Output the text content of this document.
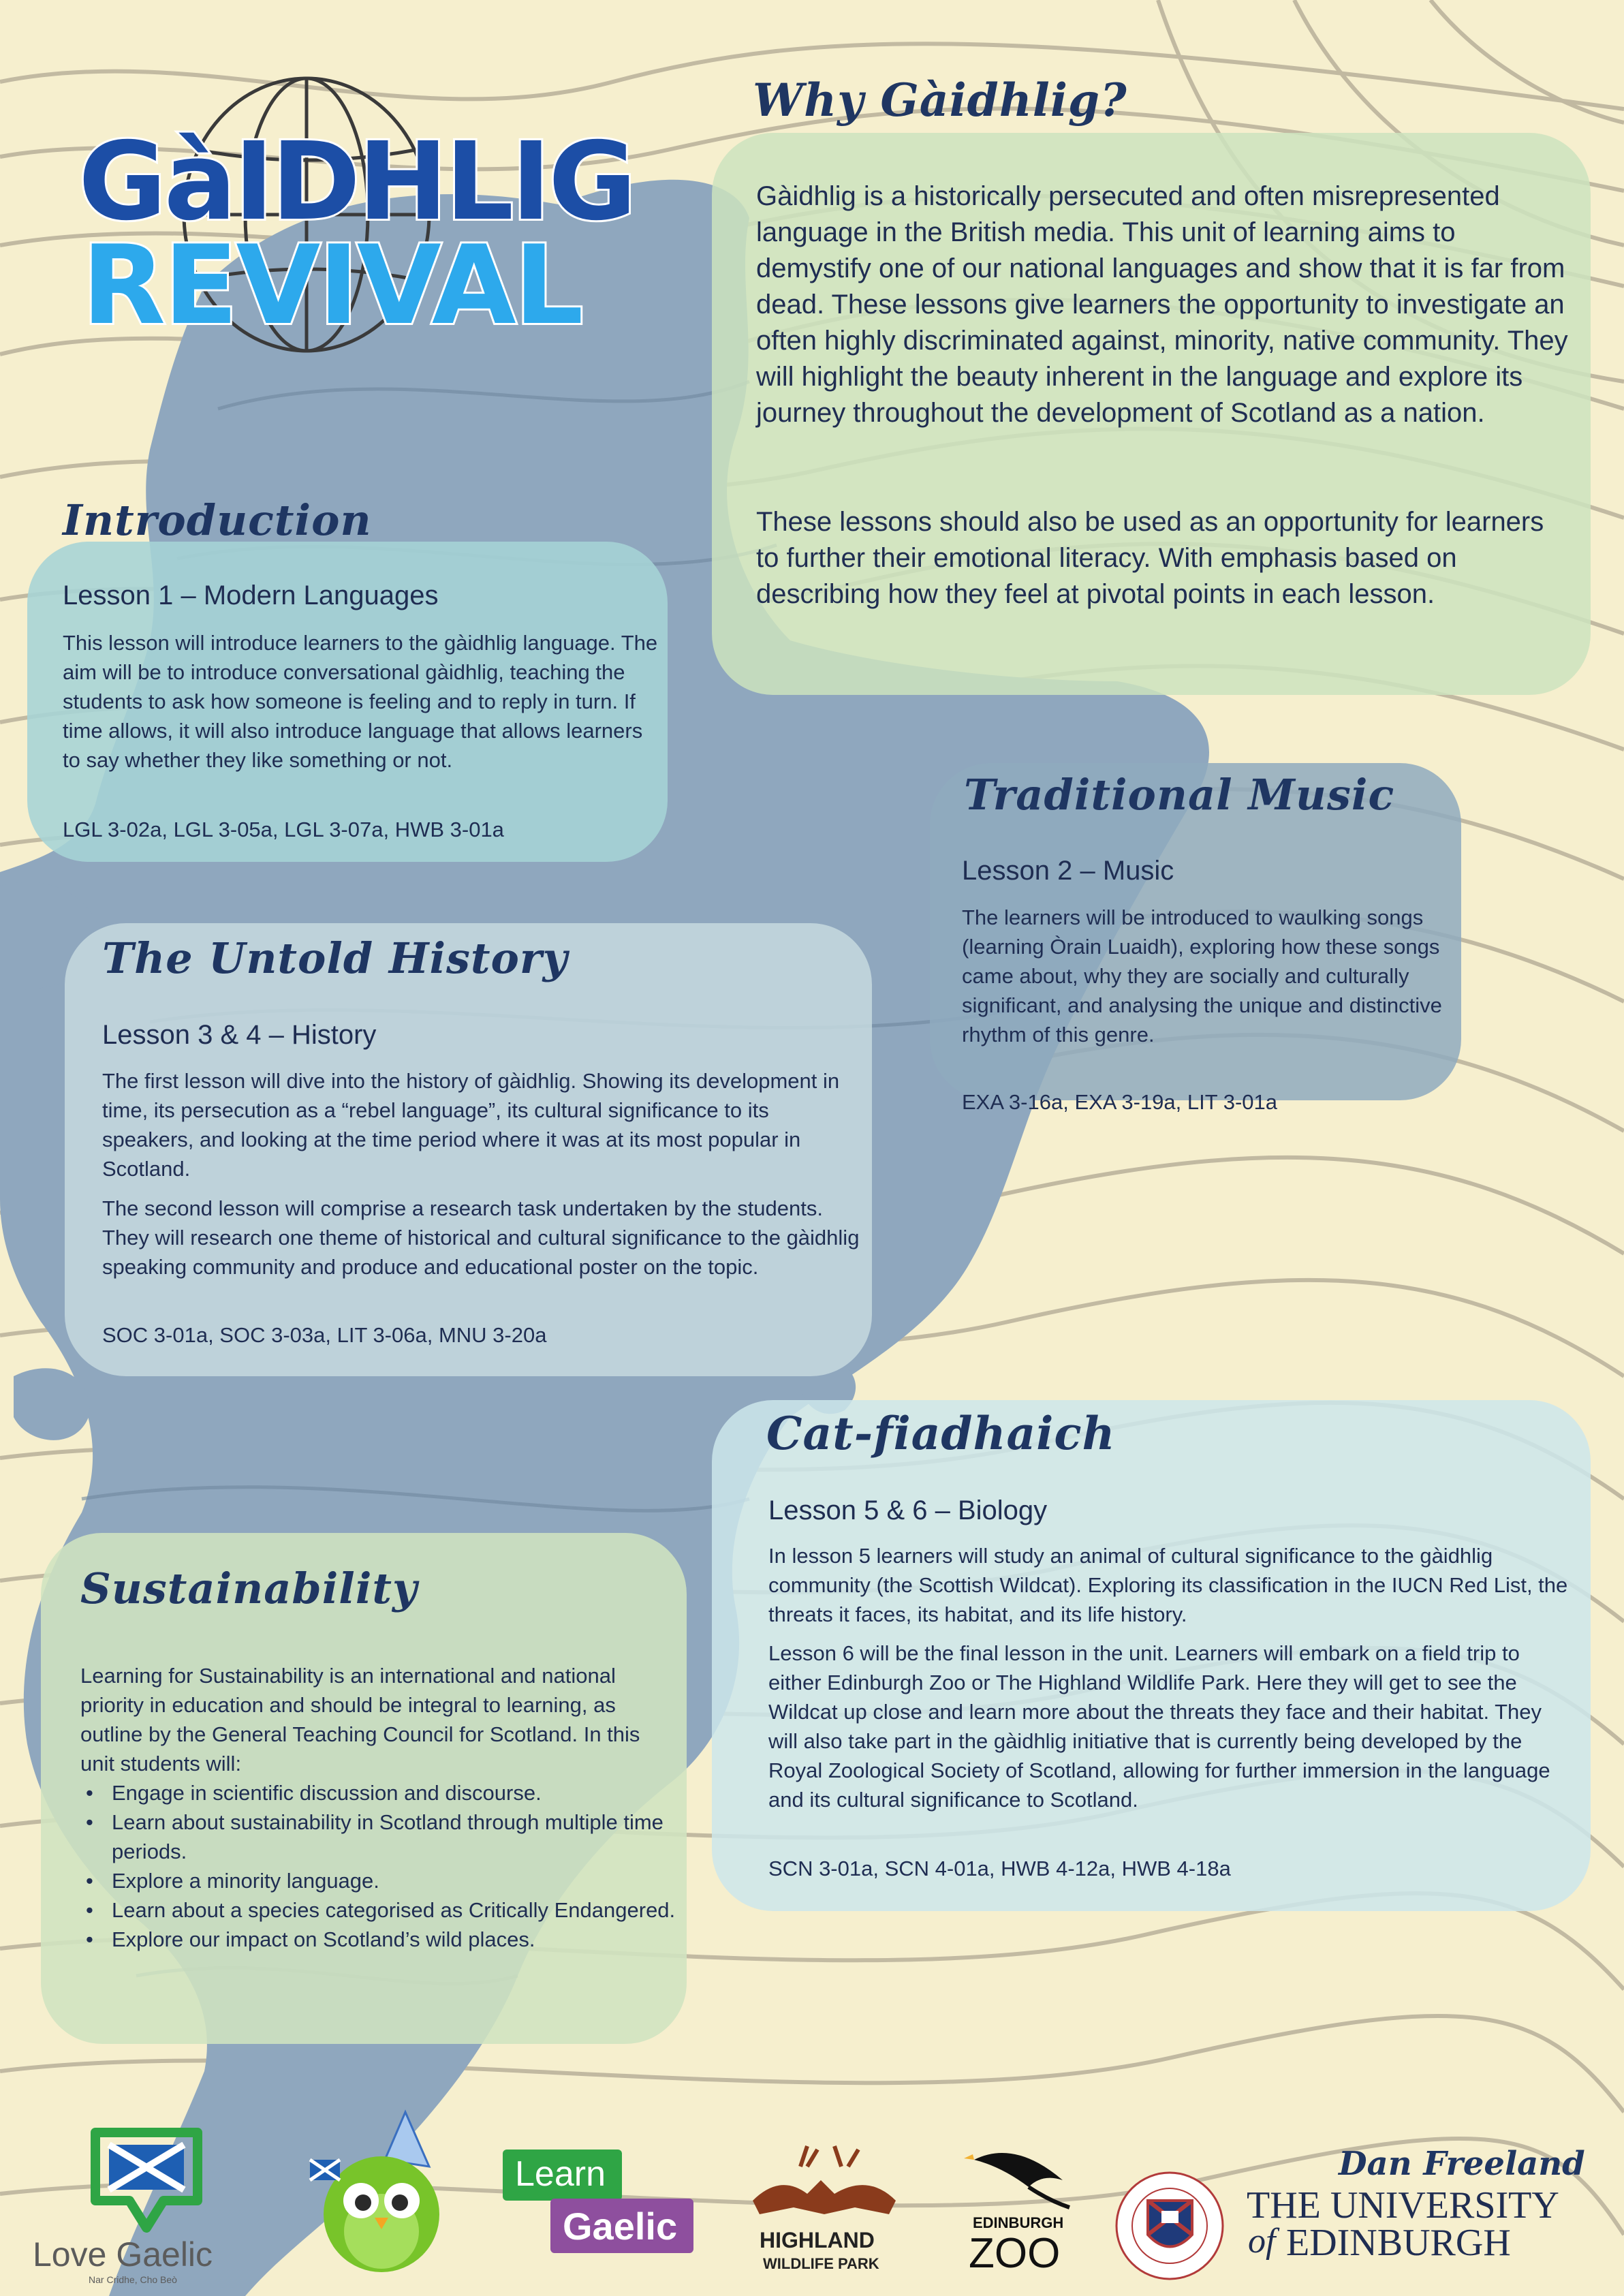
GàIDHLIG
REVIVAL
Why Gàidhlig?

Gàidhlig is a historically persecuted and often misrepresented language in the British media. This unit of learning aims to demystify one of our national languages and show that it is far from dead. These lessons give learners the opportunity to investigate an often highly discriminated against, minority, native community. They will highlight the beauty inherent in the language and explore its journey throughout the development of Scotland as a nation.

These lessons should also be used as an opportunity for learners to further their emotional literacy. With emphasis based on describing how they feel at pivotal points in each lesson.

Introduction

Lesson 1 – Modern Languages

This lesson will introduce learners to the gàidhlig language. The aim will be to introduce conversational gàidhlig, teaching the students to ask how someone is feeling and to reply in turn. If time allows, it will also introduce language that allows learners to say whether they like something or not.

LGL 3-02a, LGL 3-05a, LGL 3-07a, HWB 3-01a

Traditional Music

Lesson 2 – Music

The learners will be introduced to waulking songs (learning Òrain Luaidh), exploring how these songs came about, why they are socially and culturally significant, and analysing the unique and distinctive rhythm of this genre.

EXA 3-16a, EXA 3-19a, LIT 3-01a

The Untold History

Lesson 3 & 4 – History

The first lesson will dive into the history of gàidhlig. Showing its development in time, its persecution as a “rebel language”, its cultural significance to its speakers, and looking at the time period where it was at its most popular in Scotland.

The second lesson will comprise a research task undertaken by the students. They will research one theme of historical and cultural significance to the gàidhlig speaking community and produce and educational poster on the topic.

SOC 3-01a, SOC 3-03a, LIT 3-06a, MNU 3-20a

Cat-fiadhaich

Lesson 5 & 6 – Biology

In lesson 5 learners will study an animal of cultural significance to the gàidhlig community (the Scottish Wildcat). Exploring its classification in the IUCN Red List, the threats it faces, its habitat, and its life history.

Lesson 6 will be the final lesson in the unit. Learners will embark on a field trip to either Edinburgh Zoo or The Highland Wildlife Park. Here they will get to see the Wildcat up close and learn more about the threats they face and their habitat. They will also take part in the gàidhlig initiative that is currently being developed by the Royal Zoological Society of Scotland, allowing for further immersion in the language and its cultural significance to Scotland.

SCN 3-01a, SCN 4-01a, HWB 4-12a, HWB 4-18a

Sustainability

Learning for Sustainability is an international and national priority in education and should be integral to learning, as outline by the General Teaching Council for Scotland. In this unit students will:

• Engage in scientific discussion and discourse.
• Learn about sustainability in Scotland through multiple time periods.
• Explore a minority language.
• Learn about a species categorised as Critically Endangered.
• Explore our impact on Scotland’s wild places.

Love Gaelic

Nar Cridhe, Cho Beò

Learn

Gaelic	HIGHLAND

WILDLIFE PARK

EDINBURGH

ZOO

Dan Freeland

THE UNIVERSITY

of EDINBURGH
